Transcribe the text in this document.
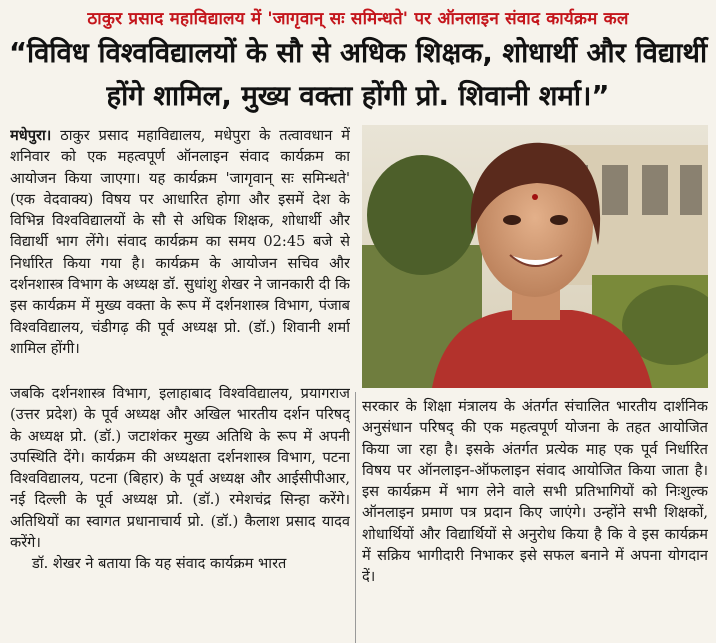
ठाकुर प्रसाद महाविद्यालय में 'जागृवान् सः समिन्धते' पर ऑनलाइन संवाद कार्यक्रम कल
“विविध विश्वविद्यालयों के सौ से अधिक शिक्षक, शोधार्थी और विद्यार्थी होंगे शामिल, मुख्य वक्ता होंगी प्रो. शिवानी शर्मा।”

मधेपुरा। ठाकुर प्रसाद महाविद्यालय, मधेपुरा के तत्वावधान में शनिवार को एक महत्वपूर्ण ऑनलाइन संवाद कार्यक्रम का आयोजन किया जाएगा। यह कार्यक्रम 'जागृवान् सः समिन्धते' (एक वेदवाक्य) विषय पर आधारित होगा और इसमें देश के विभिन्न विश्वविद्यालयों के सौ से अधिक शिक्षक, शोधार्थी और विद्यार्थी भाग लेंगे। संवाद कार्यक्रम का समय 02:45 बजे से निर्धारित किया गया है। कार्यक्रम के आयोजन सचिव और दर्शनशास्त्र विभाग के अध्यक्ष डॉ. सुधांशु शेखर ने जानकारी दी कि इस कार्यक्रम में मुख्य वक्ता के रूप में दर्शनशास्त्र विभाग, पंजाब विश्वविद्यालय, चंडीगढ़ की पूर्व अध्यक्ष प्रो. (डॉ.) शिवानी शर्मा शामिल होंगी।

जबकि दर्शनशास्त्र विभाग, इलाहाबाद विश्वविद्यालय, प्रयागराज (उत्तर प्रदेश) के पूर्व अध्यक्ष और अखिल भारतीय दर्शन परिषद् के अध्यक्ष प्रो. (डॉ.) जटाशंकर मुख्य अतिथि के रूप में अपनी उपस्थिति देंगे। कार्यक्रम की अध्यक्षता दर्शनशास्त्र विभाग, पटना विश्वविद्यालय, पटना (बिहार) के पूर्व अध्यक्ष और आईसीपीआर, नई दिल्ली के पूर्व अध्यक्ष प्रो. (डॉ.) रमेशचंद्र सिन्हा करेंगे। अतिथियों का स्वागत प्रधानाचार्य प्रो. (डॉ.) कैलाश प्रसाद यादव करेंगे।

डॉ. शेखर ने बताया कि यह संवाद कार्यक्रम भारत

सरकार के शिक्षा मंत्रालय के अंतर्गत संचालित भारतीय दार्शनिक अनुसंधान परिषद् की एक महत्वपूर्ण योजना के तहत आयोजित किया जा रहा है। इसके अंतर्गत प्रत्येक माह एक पूर्व निर्धारित विषय पर ऑनलाइन-ऑफलाइन संवाद आयोजित किया जाता है। इस कार्यक्रम में भाग लेने वाले सभी प्रतिभागियों को निःशुल्क ऑनलाइन प्रमाण पत्र प्रदान किए जाएंगे। उन्होंने सभी शिक्षकों, शोधार्थियों और विद्यार्थियों से अनुरोध किया है कि वे इस कार्यक्रम में सक्रिय भागीदारी निभाकर इसे सफल बनाने में अपना योगदान दें।
